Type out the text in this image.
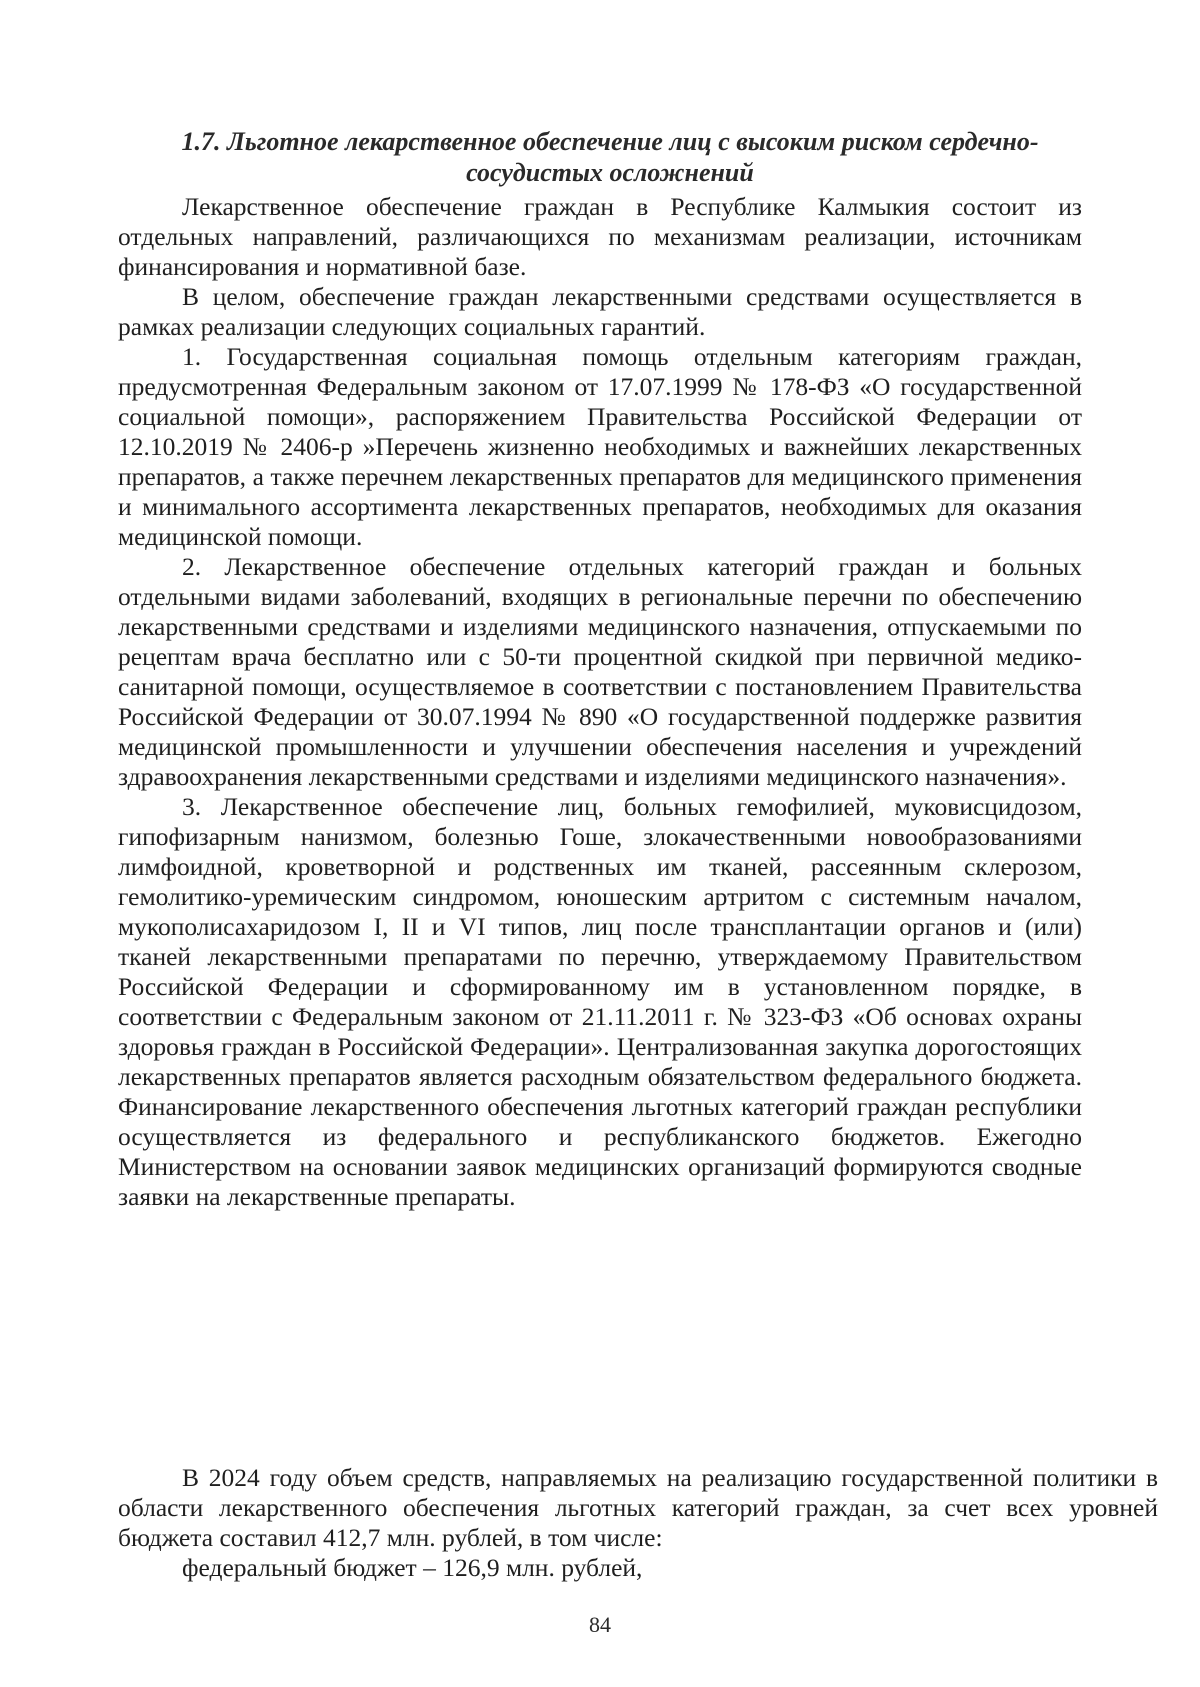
1.7. Льготное лекарственное обеспечение лиц с высоким риском сердечно-
сосудистых осложнений

Лекарственное обеспечение граждан в Республике Калмыкия состоит из отдельных направлений, различающихся по механизмам реализации, источникам финансирования и нормативной базе.

В целом, обеспечение граждан лекарственными средствами осуществляется в рамках реализации следующих социальных гарантий.

1. Государственная социальная помощь отдельным категориям граждан, предусмотренная Федеральным законом от 17.07.1999 № 178-ФЗ «О государственной социальной помощи», распоряжением Правительства Российской Федерации от 12.10.2019 № 2406-р »Перечень жизненно необходимых и важнейших лекарственных препаратов, а также перечнем лекарственных препаратов для медицинского применения и минимального ассортимента лекарственных препаратов, необходимых для оказания медицинской помощи.

2. Лекарственное обеспечение отдельных категорий граждан и больных отдельными видами заболеваний, входящих в региональные перечни по обеспечению лекарственными средствами и изделиями медицинского назначения, отпускаемыми по рецептам врача бесплатно или с 50-ти процентной скидкой при первичной медико-санитарной помощи, осуществляемое в соответствии с постановлением Правительства Российской Федерации от 30.07.1994 № 890 «О государственной поддержке развития медицинской промышленности и улучшении обеспечения населения и учреждений здравоохранения лекарственными средствами и изделиями медицинского назначения».

3. Лекарственное обеспечение лиц, больных гемофилией, муковисцидозом, гипофизарным нанизмом, болезнью Гоше, злокачественными новообразованиями лимфоидной, кроветворной и родственных им тканей, рассеянным склерозом, гемолитико-уремическим синдромом, юношеским артритом с системным началом, мукополисахаридозом I, II и VI типов, лиц после трансплантации органов и (или) тканей лекарственными препаратами по перечню, утверждаемому Правительством Российской Федерации и сформированному им в установленном порядке, в соответствии с Федеральным законом от 21.11.2011 г. № 323-ФЗ «Об основах охраны здоровья граждан в Российской Федерации». Централизованная закупка дорогостоящих лекарственных препаратов является расходным обязательством федерального бюджета. Финансирование лекарственного обеспечения льготных категорий граждан республики осуществляется из федерального и республиканского бюджетов. Ежегодно Министерством на основании заявок медицинских организаций формируются сводные заявки на лекарственные препараты.

В 2024 году объем средств, направляемых на реализацию государственной политики в области лекарственного обеспечения льготных категорий граждан, за счет всех уровней бюджета составил 412,7 млн. рублей, в том числе:

федеральный бюджет – 126,9 млн. рублей,

84
